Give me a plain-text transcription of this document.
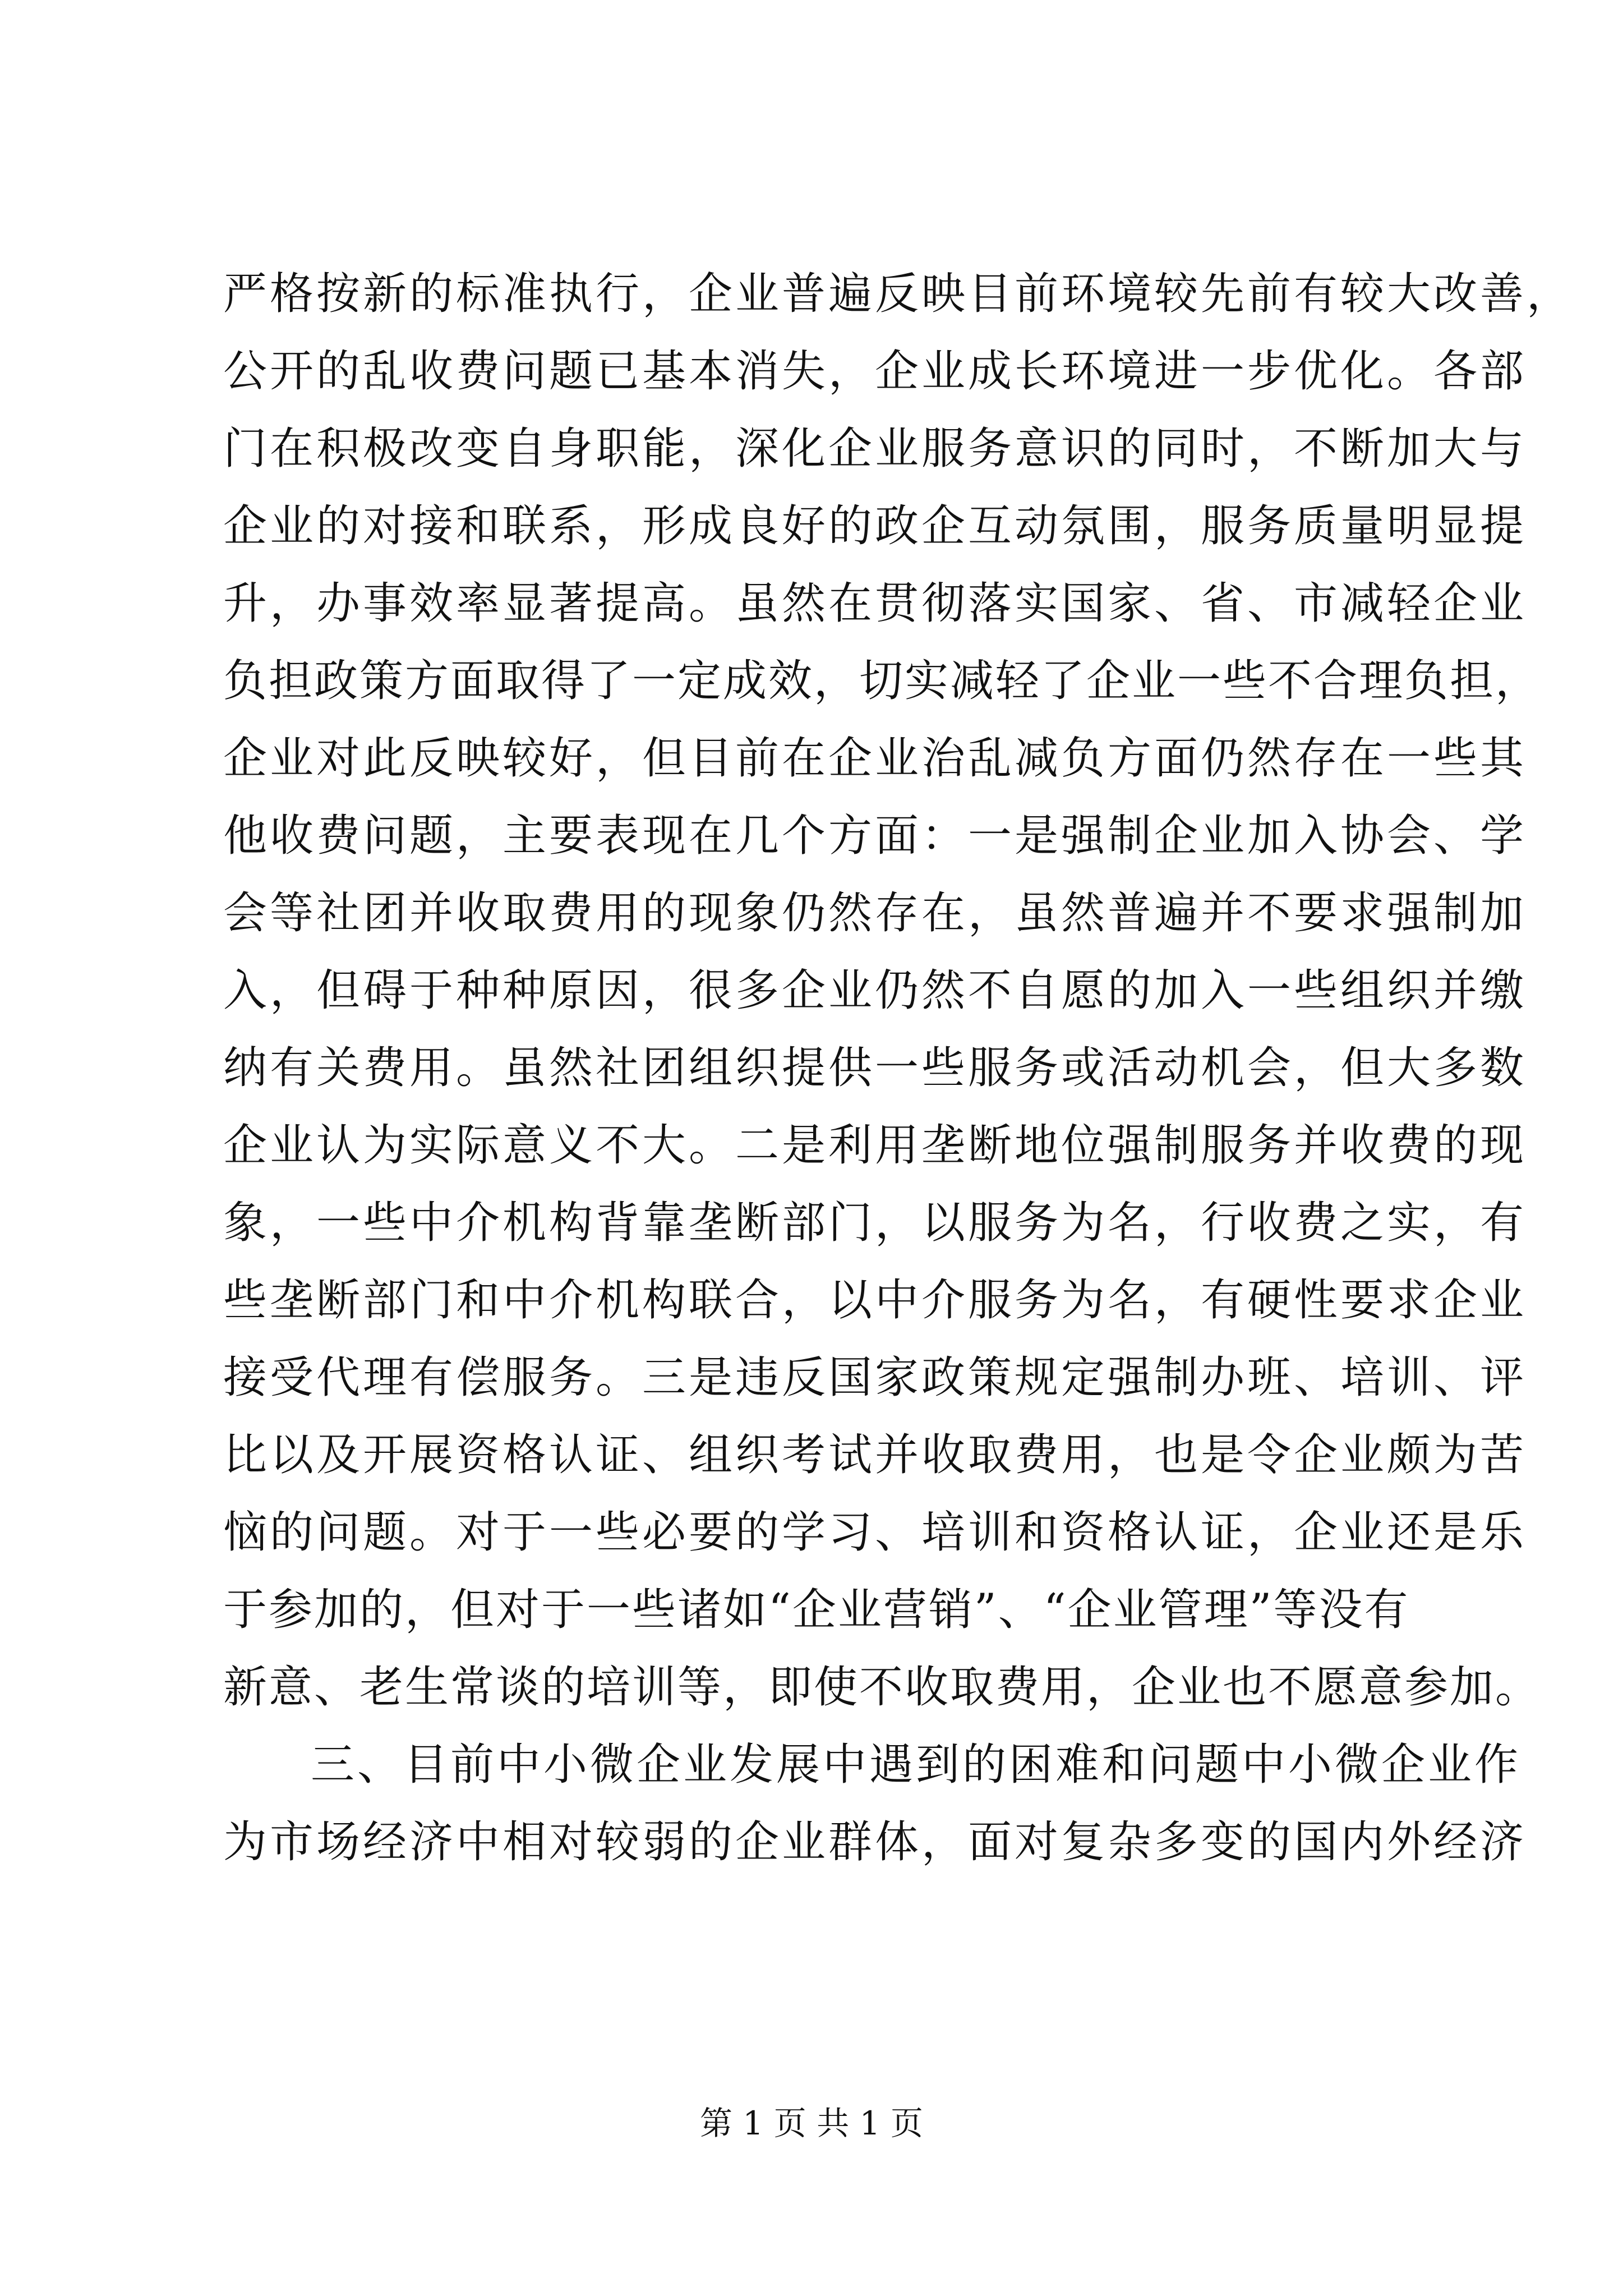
严格按新的标准执行，企业普遍反映目前环境较先前有较大改善，
公开的乱收费问题已基本消失，企业成长环境进一步优化。各部
门在积极改变自身职能，深化企业服务意识的同时，不断加大与
企业的对接和联系，形成良好的政企互动氛围，服务质量明显提
升，办事效率显著提高。虽然在贯彻落实国家、省、市减轻企业
负担政策方面取得了一定成效，切实减轻了企业一些不合理负担，
企业对此反映较好，但目前在企业治乱减负方面仍然存在一些其
他收费问题，主要表现在几个方面：一是强制企业加入协会、学
会等社团并收取费用的现象仍然存在，虽然普遍并不要求强制加
入，但碍于种种原因，很多企业仍然不自愿的加入一些组织并缴
纳有关费用。虽然社团组织提供一些服务或活动机会，但大多数
企业认为实际意义不大。二是利用垄断地位强制服务并收费的现
象，一些中介机构背靠垄断部门，以服务为名，行收费之实，有
些垄断部门和中介机构联合，以中介服务为名，有硬性要求企业
接受代理有偿服务。三是违反国家政策规定强制办班、培训、评
比以及开展资格认证、组织考试并收取费用，也是令企业颇为苦
恼的问题。对于一些必要的学习、培训和资格认证，企业还是乐
于参加的，但对于一些诸如“企业营销”、“企业管理”等没有
新意、老生常谈的培训等，即使不收取费用，企业也不愿意参加。
三、目前中小微企业发展中遇到的困难和问题中小微企业作
为市场经济中相对较弱的企业群体，面对复杂多变的国内外经济
第 1 页 共 1 页
